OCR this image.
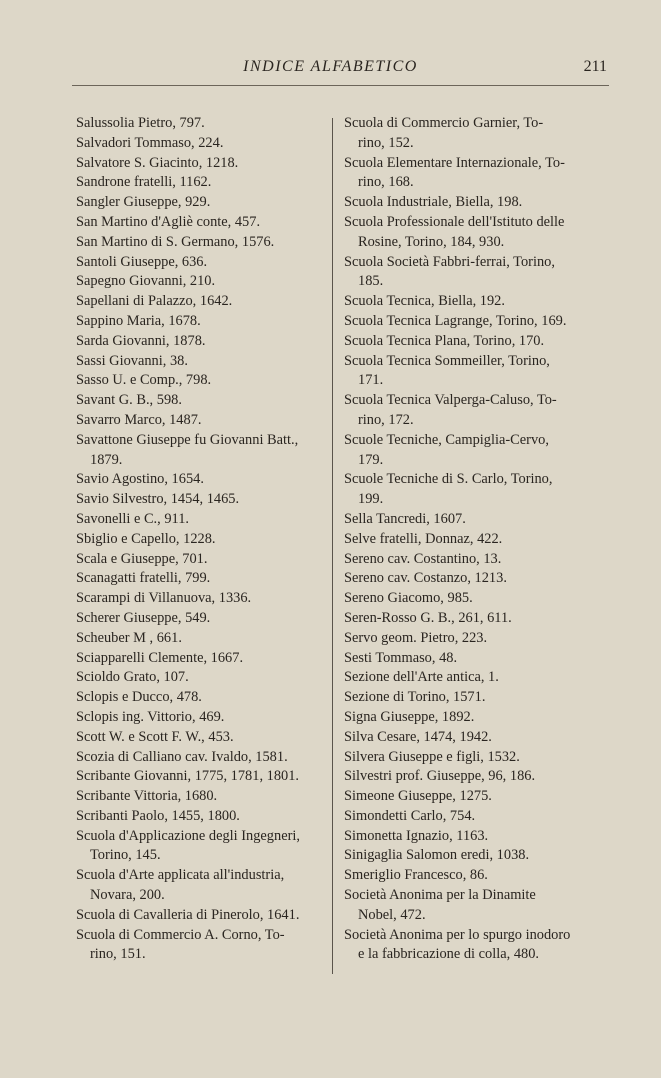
INDICE ALFABETICO	211
Salussolia Pietro, 797.
Salvadori Tommaso, 224.
Salvatore S. Giacinto, 1218.
Sandrone fratelli, 1162.
Sangler Giuseppe, 929.
San Martino d'Agliè conte, 457.
San Martino di S. Germano, 1576.
Santoli Giuseppe, 636.
Sapegno Giovanni, 210.
Sapellani di Palazzo, 1642.
Sappino Maria, 1678.
Sarda Giovanni, 1878.
Sassi Giovanni, 38.
Sasso U. e Comp., 798.
Savant G. B., 598.
Savarro Marco, 1487.
Savattone Giuseppe fu Giovanni Batt.,
1879.
Savio Agostino, 1654.
Savio Silvestro, 1454, 1465.
Savonelli e C., 911.
Sbiglio e Capello, 1228.
Scala e Giuseppe, 701.
Scanagatti fratelli, 799.
Scarampi di Villanuova, 1336.
Scherer Giuseppe, 549.
Scheuber M , 661.
Sciapparelli Clemente, 1667.
Scioldo Grato, 107.
Sclopis e Ducco, 478.
Sclopis ing. Vittorio, 469.
Scott W. e Scott F. W., 453.
Scozia di Calliano cav. Ivaldo, 1581.
Scribante Giovanni, 1775, 1781, 1801.
Scribante Vittoria, 1680.
Scribanti Paolo, 1455, 1800.
Scuola d'Applicazione degli Ingegneri,
Torino, 145.
Scuola d'Arte applicata all'industria,
Novara, 200.
Scuola di Cavalleria di Pinerolo, 1641.
Scuola di Commercio A. Corno, To-
rino, 151.
Scuola di Commercio Garnier, To-
rino, 152.
Scuola Elementare Internazionale, To-
rino, 168.
Scuola Industriale, Biella, 198.
Scuola Professionale dell'Istituto delle
Rosine, Torino, 184, 930.
Scuola Società Fabbri-ferrai, Torino,
185.
Scuola Tecnica, Biella, 192.
Scuola Tecnica Lagrange, Torino, 169.
Scuola Tecnica Plana, Torino, 170.
Scuola Tecnica Sommeiller, Torino,
171.
Scuola Tecnica Valperga-Caluso, To-
rino, 172.
Scuole Tecniche, Campiglia-Cervo,
179.
Scuole Tecniche di S. Carlo, Torino,
199.
Sella Tancredi, 1607.
Selve fratelli, Donnaz, 422.
Sereno cav. Costantino, 13.
Sereno cav. Costanzo, 1213.
Sereno Giacomo, 985.
Seren-Rosso G. B., 261, 611.
Servo geom. Pietro, 223.
Sesti Tommaso, 48.
Sezione dell'Arte antica, 1.
Sezione di Torino, 1571.
Signa Giuseppe, 1892.
Silva Cesare, 1474, 1942.
Silvera Giuseppe e figli, 1532.
Silvestri prof. Giuseppe, 96, 186.
Simeone Giuseppe, 1275.
Simondetti Carlo, 754.
Simonetta Ignazio, 1163.
Sinigaglia Salomon eredi, 1038.
Smeriglio Francesco, 86.
Società Anonima per la Dinamite
Nobel, 472.
Società Anonima per lo spurgo inodoro
e la fabbricazione di colla, 480.
